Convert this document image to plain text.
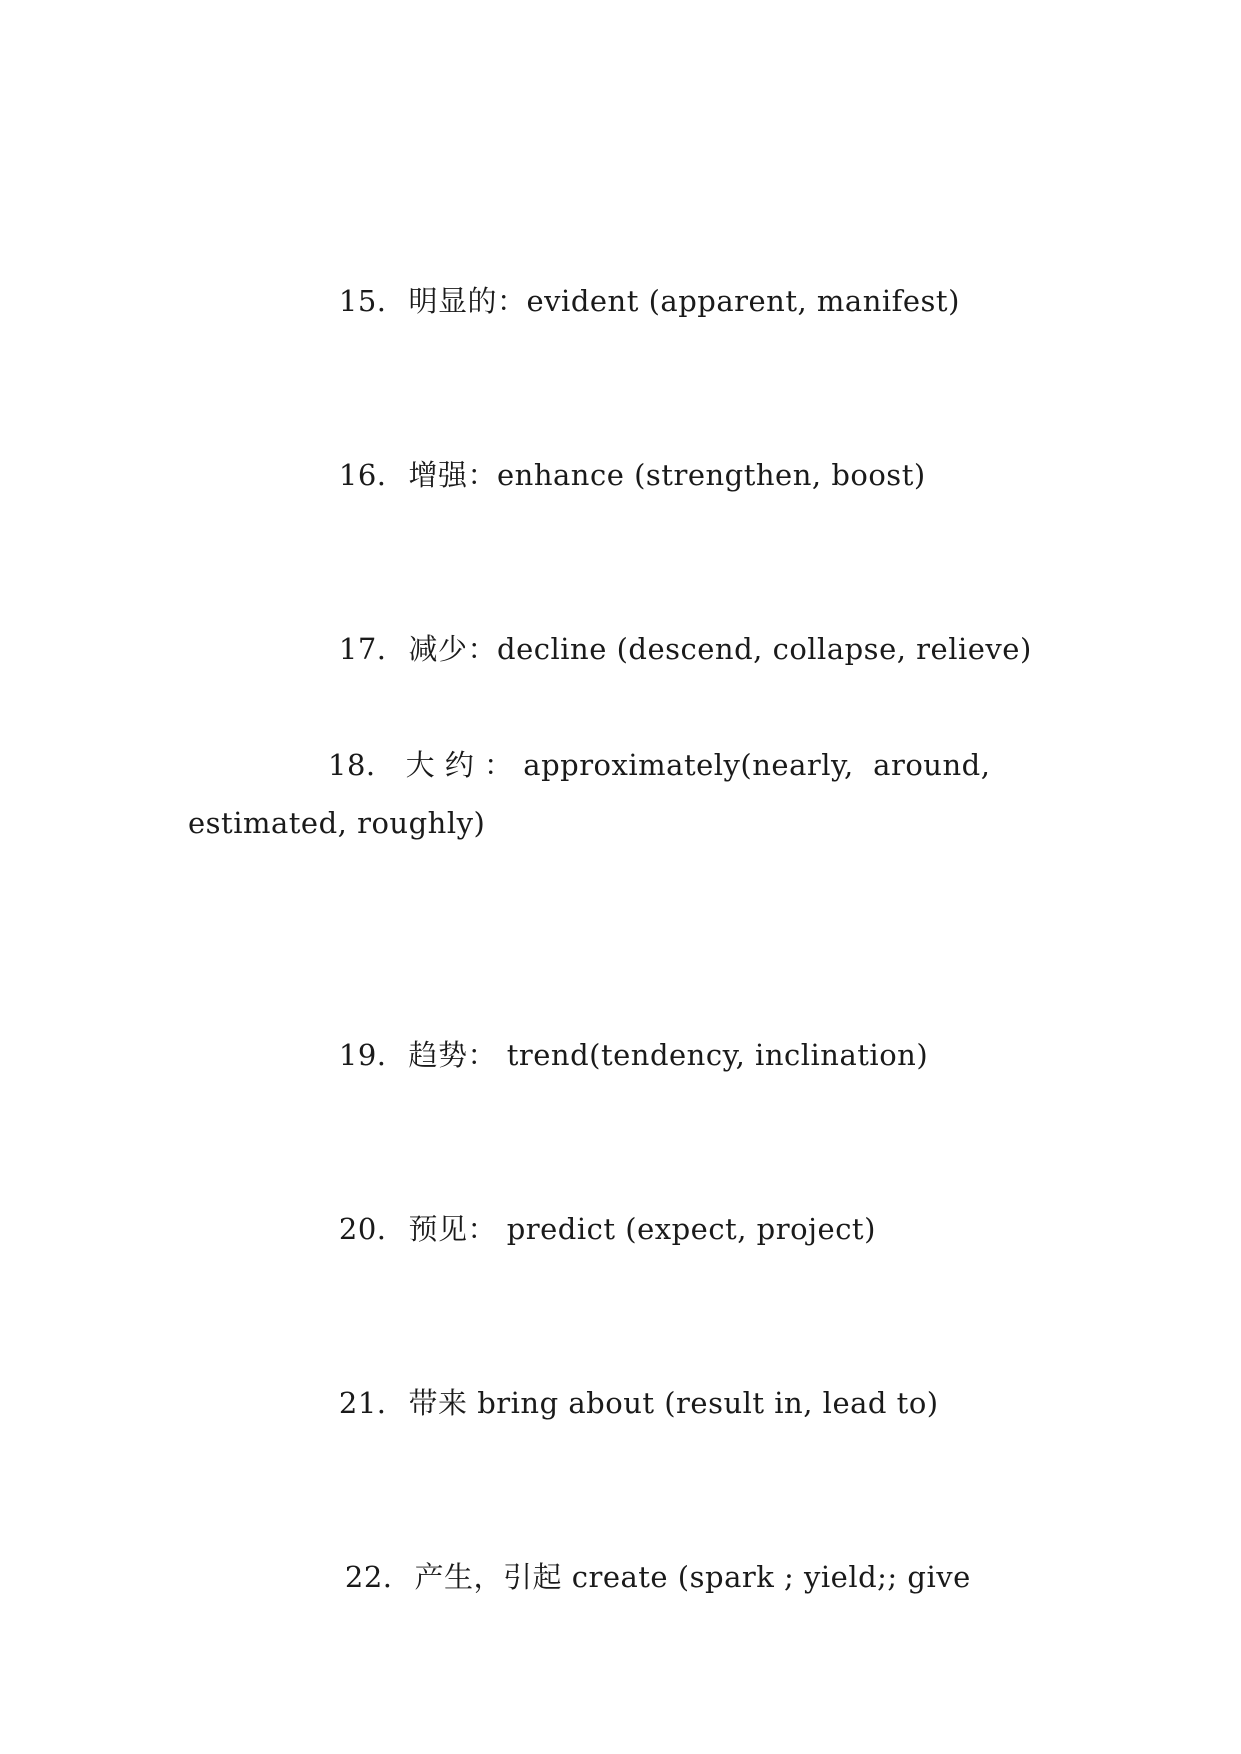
15. 明显的：evident (apparent, manifest)

16. 增强：enhance (strengthen, boost)

17. 减少：decline (descend, collapse, relieve)

18. 大 约 ： approximately(nearly,  around,
estimated, roughly)

19. 趋势： trend(tendency, inclination)

20. 预见： predict (expect, project)

21. 带来 bring about (result in, lead to)

22. 产生，引起 create (spark ; yield;; give
